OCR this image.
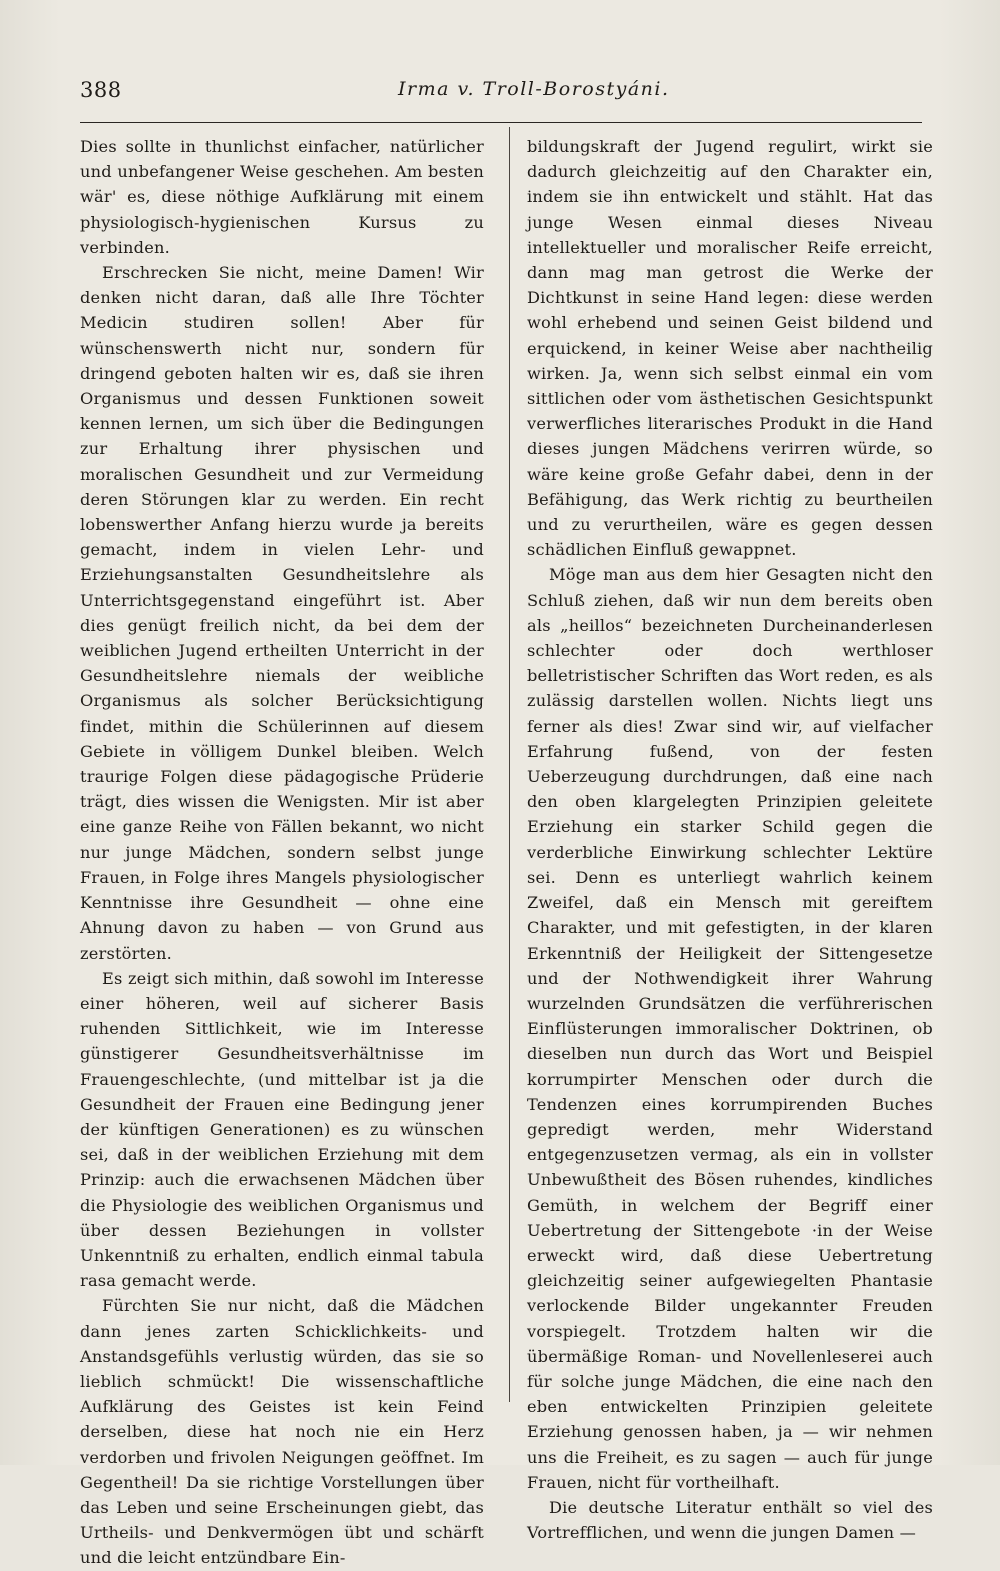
388	Irma v. Troll-Borostyáni.

Dies sollte in thunlichst einfacher, natürlicher und unbefangener Weise geschehen. Am besten wär' es, diese nöthige Aufklärung mit einem physiologisch-hygienischen Kursus zu verbinden.

Erschrecken Sie nicht, meine Damen! Wir denken nicht daran, daß alle Ihre Töchter Medicin studiren sollen! Aber für wünschenswerth nicht nur, sondern für dringend geboten halten wir es, daß sie ihren Organismus und dessen Funktionen soweit kennen lernen, um sich über die Bedingungen zur Erhaltung ihrer physischen und moralischen Gesundheit und zur Vermeidung deren Störungen klar zu werden. Ein recht lobenswerther Anfang hierzu wurde ja bereits gemacht, indem in vielen Lehr- und Erziehungsanstalten Gesundheitslehre als Unterrichtsgegenstand eingeführt ist. Aber dies genügt freilich nicht, da bei dem der weiblichen Jugend ertheilten Unterricht in der Gesundheitslehre niemals der weibliche Organismus als solcher Berücksichtigung findet, mithin die Schülerinnen auf diesem Gebiete in völligem Dunkel bleiben. Welch traurige Folgen diese pädagogische Prüderie trägt, dies wissen die Wenigsten. Mir ist aber eine ganze Reihe von Fällen bekannt, wo nicht nur junge Mädchen, sondern selbst junge Frauen, in Folge ihres Mangels physiologischer Kenntnisse ihre Gesundheit — ohne eine Ahnung davon zu haben — von Grund aus zerstörten.

Es zeigt sich mithin, daß sowohl im Interesse einer höheren, weil auf sicherer Basis ruhenden Sittlichkeit, wie im Interesse günstigerer Gesundheitsverhältnisse im Frauengeschlechte, (und mittelbar ist ja die Gesundheit der Frauen eine Bedingung jener der künftigen Generationen) es zu wünschen sei, daß in der weiblichen Erziehung mit dem Prinzip: auch die erwachsenen Mädchen über die Physiologie des weiblichen Organismus und über dessen Beziehungen in vollster Unkenntniß zu erhalten, endlich einmal tabula rasa gemacht werde.

Fürchten Sie nur nicht, daß die Mädchen dann jenes zarten Schicklichkeits- und Anstandsgefühls verlustig würden, das sie so lieblich schmückt! Die wissenschaftliche Aufklärung des Geistes ist kein Feind derselben, diese hat noch nie ein Herz verdorben und frivolen Neigungen geöffnet. Im Gegentheil! Da sie richtige Vorstellungen über das Leben und seine Erscheinungen giebt, das Urtheils- und Denkvermögen übt und schärft und die leicht entzündbare Ein-

bildungskraft der Jugend regulirt, wirkt sie dadurch gleichzeitig auf den Charakter ein, indem sie ihn entwickelt und stählt. Hat das junge Wesen einmal dieses Niveau intellektueller und moralischer Reife erreicht, dann mag man getrost die Werke der Dichtkunst in seine Hand legen: diese werden wohl erhebend und seinen Geist bildend und erquickend, in keiner Weise aber nachtheilig wirken. Ja, wenn sich selbst einmal ein vom sittlichen oder vom ästhetischen Gesichtspunkt verwerfliches literarisches Produkt in die Hand dieses jungen Mädchens verirren würde, so wäre keine große Gefahr dabei, denn in der Befähigung, das Werk richtig zu beurtheilen und zu verurtheilen, wäre es gegen dessen schädlichen Einfluß gewappnet.

Möge man aus dem hier Gesagten nicht den Schluß ziehen, daß wir nun dem bereits oben als „heillos“ bezeichneten Durcheinanderlesen schlechter oder doch werthloser belletristischer Schriften das Wort reden, es als zulässig darstellen wollen. Nichts liegt uns ferner als dies! Zwar sind wir, auf vielfacher Erfahrung fußend, von der festen Ueberzeugung durchdrungen, daß eine nach den oben klargelegten Prinzipien geleitete Erziehung ein starker Schild gegen die verderbliche Einwirkung schlechter Lektüre sei. Denn es unterliegt wahrlich keinem Zweifel, daß ein Mensch mit gereiftem Charakter, und mit gefestigten, in der klaren Erkenntniß der Heiligkeit der Sittengesetze und der Nothwendigkeit ihrer Wahrung wurzelnden Grundsätzen die verführerischen Einflüsterungen immoralischer Doktrinen, ob dieselben nun durch das Wort und Beispiel korrumpirter Menschen oder durch die Tendenzen eines korrumpirenden Buches gepredigt werden, mehr Widerstand entgegenzusetzen vermag, als ein in vollster Unbewußtheit des Bösen ruhendes, kindliches Gemüth, in welchem der Begriff einer Uebertretung der Sittengebote ·in der Weise erweckt wird, daß diese Uebertretung gleichzeitig seiner aufgewiegelten Phantasie verlockende Bilder ungekannter Freuden vorspiegelt. Trotzdem halten wir die übermäßige Roman- und Novellenleserei auch für solche junge Mädchen, die eine nach den eben entwickelten Prinzipien geleitete Erziehung genossen haben, ja — wir nehmen uns die Freiheit, es zu sagen — auch für junge Frauen, nicht für vortheilhaft.

Die deutsche Literatur enthält so viel des Vortrefflichen, und wenn die jungen Damen —
